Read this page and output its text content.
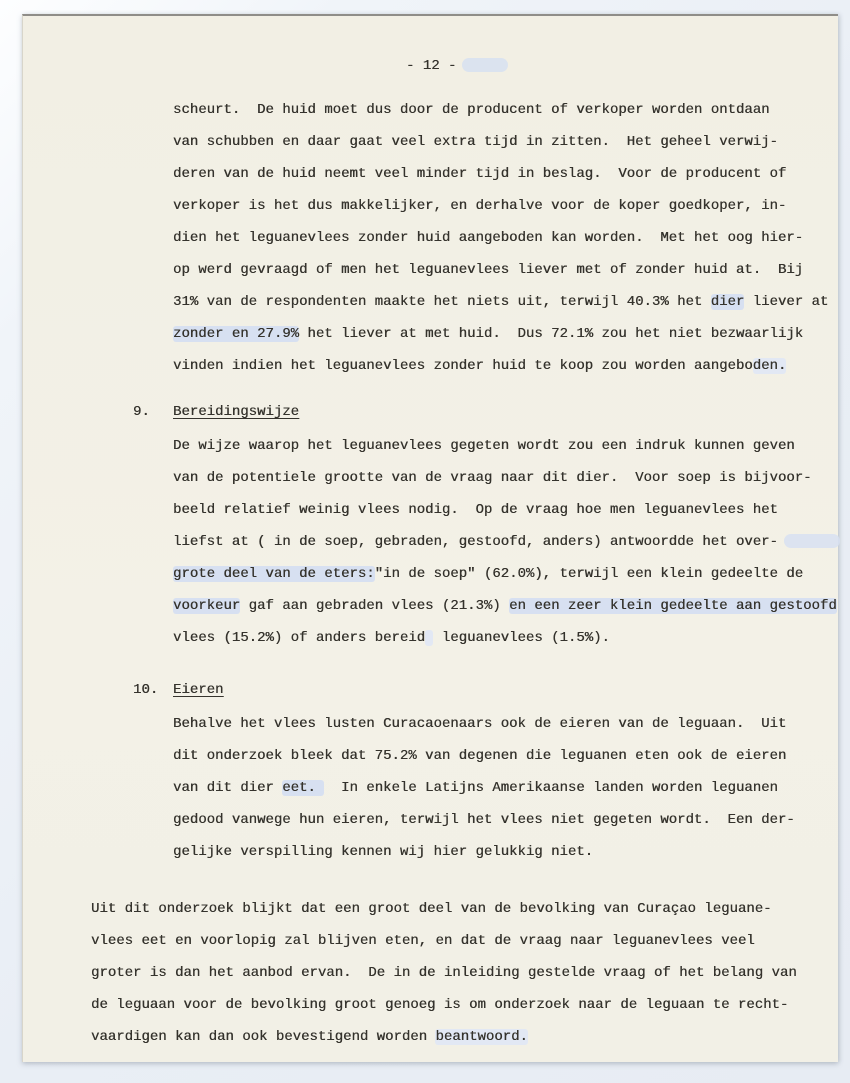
- 12 -
scheurt.  De huid moet dus door de producent of verkoper worden ontdaan
van schubben en daar gaat veel extra tijd in zitten.  Het geheel verwij-
deren van de huid neemt veel minder tijd in beslag.  Voor de producent of
verkoper is het dus makkelijker, en derhalve voor de koper goedkoper, in-
dien het leguanevlees zonder huid aangeboden kan worden.  Met het oog hier-
op werd gevraagd of men het leguanevlees liever met of zonder huid at.  Bij
31% van de respondenten maakte het niets uit, terwijl 40.3% het dier liever at
zonder en 27.9% het liever at met huid.  Dus 72.1% zou het niet bezwaarlijk
vinden indien het leguanevlees zonder huid te koop zou worden aangeboden.
9. Bereidingswijze
De wijze waarop het leguanevlees gegeten wordt zou een indruk kunnen geven
van de potentiele grootte van de vraag naar dit dier.  Voor soep is bijvoor-
beeld relatief weinig vlees nodig.  Op de vraag hoe men leguanevlees het
liefst at ( in de soep, gebraden, gestoofd, anders) antwoordde het over-
grote deel van de eters:"in de soep" (62.0%), terwijl een klein gedeelte de
voorkeur gaf aan gebraden vlees (21.3%) en een zeer klein gedeelte aan gestoofd
vlees (15.2%) of anders bereid  leguanevlees (1.5%).
10. Eieren
Behalve het vlees lusten Curacaoenaars ook de eieren van de leguaan.  Uit
dit onderzoek bleek dat 75.2% van degenen die leguanen eten ook de eieren
van dit dier eet.   In enkele Latijns Amerikaanse landen worden leguanen
gedood vanwege hun eieren, terwijl het vlees niet gegeten wordt.  Een der-
gelijke verspilling kennen wij hier gelukkig niet.
Uit dit onderzoek blijkt dat een groot deel van de bevolking van Curaçao leguane-
vlees eet en voorlopig zal blijven eten, en dat de vraag naar leguanevlees veel
groter is dan het aanbod ervan.  De in de inleiding gestelde vraag of het belang van
de leguaan voor de bevolking groot genoeg is om onderzoek naar de leguaan te recht-
vaardigen kan dan ook bevestigend worden beantwoord.
